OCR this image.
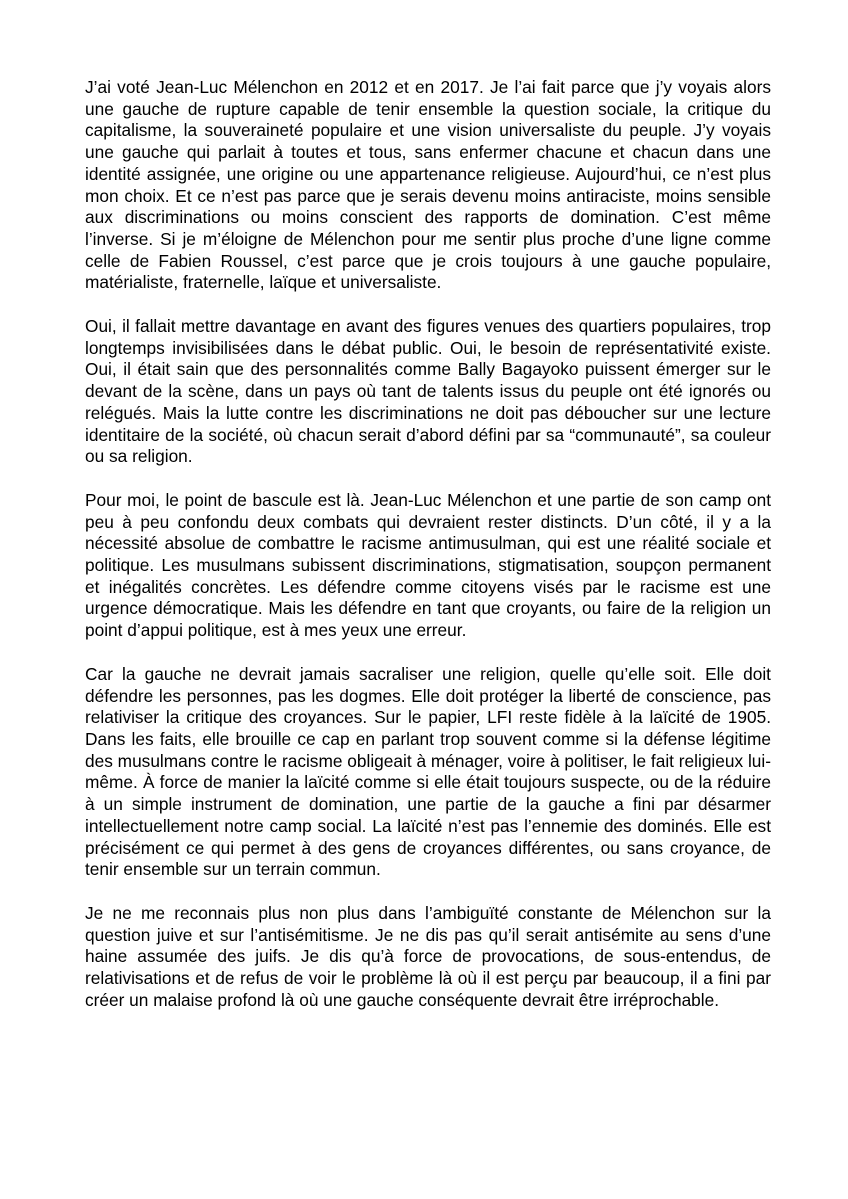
J’ai voté Jean-Luc Mélenchon en 2012 et en 2017. Je l’ai fait parce que j’y voyais alors une gauche de rupture capable de tenir ensemble la question sociale, la critique du capitalisme, la souveraineté populaire et une vision universaliste du peuple. J’y voyais une gauche qui parlait à toutes et tous, sans enfermer chacune et chacun dans une identité assignée, une origine ou une appartenance religieuse. Aujourd’hui, ce n’est plus mon choix. Et ce n’est pas parce que je serais devenu moins antiraciste, moins sensible aux discriminations ou moins conscient des rapports de domination. C’est même l’inverse. Si je m’éloigne de Mélenchon pour me sentir plus proche d’une ligne comme celle de Fabien Roussel, c’est parce que je crois toujours à une gauche populaire, matérialiste, fraternelle, laïque et universaliste.

Oui, il fallait mettre davantage en avant des figures venues des quartiers populaires, trop longtemps invisibilisées dans le débat public. Oui, le besoin de représentativité existe. Oui, il était sain que des personnalités comme Bally Bagayoko puissent émerger sur le devant de la scène, dans un pays où tant de talents issus du peuple ont été ignorés ou relégués. Mais la lutte contre les discriminations ne doit pas déboucher sur une lecture identitaire de la société, où chacun serait d’abord défini par sa “communauté”, sa couleur ou sa religion.

Pour moi, le point de bascule est là. Jean-Luc Mélenchon et une partie de son camp ont peu à peu confondu deux combats qui devraient rester distincts. D’un côté, il y a la nécessité absolue de combattre le racisme antimusulman, qui est une réalité sociale et politique. Les musulmans subissent discriminations, stigmatisation, soupçon permanent et inégalités concrètes. Les défendre comme citoyens visés par le racisme est une urgence démocratique. Mais les défendre en tant que croyants, ou faire de la religion un point d’appui politique, est à mes yeux une erreur.

Car la gauche ne devrait jamais sacraliser une religion, quelle qu’elle soit. Elle doit défendre les personnes, pas les dogmes. Elle doit protéger la liberté de conscience, pas relativiser la critique des croyances. Sur le papier, LFI reste fidèle à la laïcité de 1905. Dans les faits, elle brouille ce cap en parlant trop souvent comme si la défense légitime des musulmans contre le racisme obligeait à ménager, voire à politiser, le fait religieux lui-même. À force de manier la laïcité comme si elle était toujours suspecte, ou de la réduire à un simple instrument de domination, une partie de la gauche a fini par désarmer intellectuellement notre camp social. La laïcité n’est pas l’ennemie des dominés. Elle est précisément ce qui permet à des gens de croyances différentes, ou sans croyance, de tenir ensemble sur un terrain commun.

Je ne me reconnais plus non plus dans l’ambiguïté constante de Mélenchon sur la question juive et sur l’antisémitisme. Je ne dis pas qu’il serait antisémite au sens d’une haine assumée des juifs. Je dis qu’à force de provocations, de sous-entendus, de relativisations et de refus de voir le problème là où il est perçu par beaucoup, il a fini par créer un malaise profond là où une gauche conséquente devrait être irréprochable.
